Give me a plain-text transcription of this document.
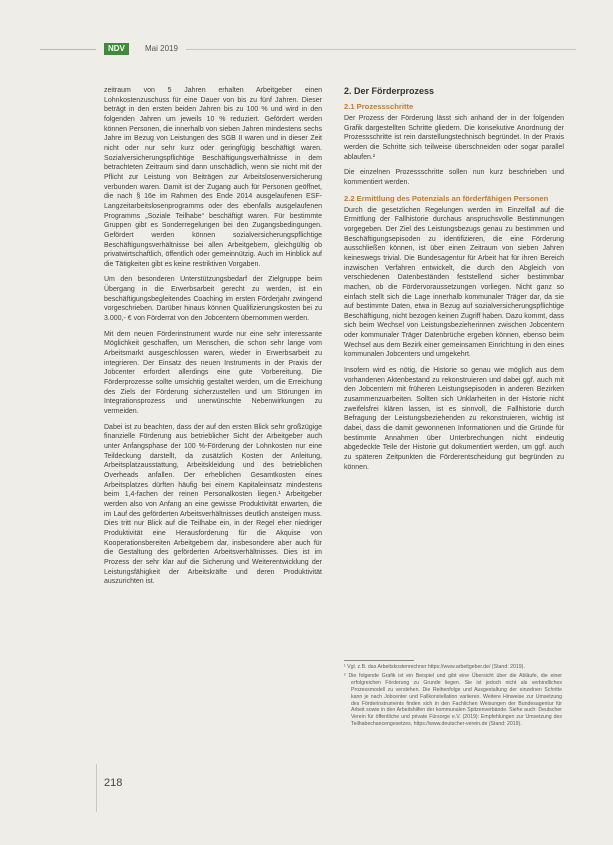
NDV	Mai 2019

zeitraum von 5 Jahren erhalten Arbeitgeber einen Lohnkostenzuschuss für eine Dauer von bis zu fünf Jahren. Dieser beträgt in den ersten beiden Jahren bis zu 100 % und wird in den folgenden Jahren um jeweils 10 % reduziert. Gefördert werden können Personen, die innerhalb von sieben Jahren mindestens sechs Jahre im Bezug von Leistungen des SGB II waren und in dieser Zeit nicht oder nur sehr kurz oder geringfügig beschäftigt waren. Sozialversicherungspflichtige Beschäftigungsverhältnisse in dem betrachteten Zeitraum sind dann unschädlich, wenn sie nicht mit der Pflicht zur Leistung von Beiträgen zur Arbeitslosenversicherung verbunden waren. Damit ist der Zugang auch für Personen geöffnet, die nach § 16e im Rahmen des Ende 2014 ausgelaufenen ESF-Langzeitarbeitslosenprogramms oder des ebenfalls ausgelaufenen Programms „Soziale Teilhabe“ beschäftigt waren. Für bestimmte Gruppen gibt es Sonderregelungen bei den Zugangsbedingungen. Gefördert werden können sozialversicherungspflichtige Beschäftigungsverhältnisse bei allen Arbeitgebern, gleichgültig ob privatwirtschaftlich, öffentlich oder gemeinnützig. Auch im Hinblick auf die Tätigkeiten gibt es keine restriktiven Vorgaben.

Um den besonderen Unterstützungsbedarf der Zielgruppe beim Übergang in die Erwerbsarbeit gerecht zu werden, ist ein beschäftigungsbegleitendes Coaching im ersten Förderjahr zwingend vorgeschrieben. Darüber hinaus können Qualifizierungskosten bei zu 3.000,- € von Förderrat von den Jobcentern übernommen werden.

Mit dem neuen Förderinstrument wurde nur eine sehr interessante Möglichkeit geschaffen, um Menschen, die schon sehr lange vom Arbeitsmarkt ausgeschlossen waren, wieder in Erwerbsarbeit zu integrieren. Der Einsatz des neuen Instruments in der Praxis der Jobcenter erfordert allerdings eine gute Vorbereitung. Die Förderprozesse sollte umsichtig gestaltet werden, um die Erreichung des Ziels der Förderung sicherzustellen und um Störungen im Integrationsprozess und unerwünschte Nebenwirkungen zu vermeiden.

Dabei ist zu beachten, dass der auf den ersten Blick sehr großzügige finanzielle Förderung aus betrieblicher Sicht der Arbeitgeber auch unter Anfangsphase der 100 %-Förderung der Lohnkosten nur eine Teildeckung darstellt, da zusätzlich Kosten der Anleitung, Arbeitsplatzausstattung, Arbeitskleidung und des betrieblichen Overheads anfallen. Der erheblichen Gesamtkosten eines Arbeitsplatzes dürften häufig bei einem Kapitaleinsatz mindestens beim 1,4-fachen der reinen Personalkosten liegen.¹ Arbeitgeber werden also von Anfang an eine gewisse Produktivität erwarten, die im Lauf des geförderten Arbeitsverhältnisses deutlich ansteigen muss. Dies tritt nur Blick auf die Teilhabe ein, in der Regel eher niedriger Produktivität eine Herausforderung für die Akquise von Kooperationsbereiten Arbeitgebern dar, insbesondere aber auch für die Gestaltung des geförderten Arbeitsverhältnisses. Dies ist im Prozess der sehr klar auf die Sicherung und Weiterentwicklung der Leistungsfähigkeit der Arbeitskräfte und deren Produktivität auszurichten ist.

2. Der Förderprozess
2.1 Prozessschritte

Der Prozess der Förderung lässt sich anhand der in der folgenden Grafik dargestellten Schritte gliedern. Die konsekutive Anordnung der Prozessschritte ist rein darstellungstechnisch begründet. In der Praxis werden die Schritte sich teilweise überschneiden oder sogar parallel ablaufen.²

Die einzelnen Prozessschritte sollen nun kurz beschrieben und kommentiert werden.

2.2 Ermittlung des Potenzials an förderfähigen Personen

Durch die gesetzlichen Regelungen werden im Einzelfall auf die Ermittlung der Fallhistorie durchaus anspruchsvolle Bestimmungen vorgegeben. Der Ziel des Leistungsbezugs genau zu bestimmen und Beschäftigungsepisoden zu identifizieren, die eine Förderung ausschließen können, ist über einen Zeitraum von sieben Jahren keineswegs trivial. Die Bundesagentur für Arbeit hat für ihren Bereich inzwischen Verfahren entwickelt, die durch den Abgleich von verschiedenen Datenbeständen feststellend sicher bestimmbar machen, ob die Fördervoraussetzungen vorliegen. Nicht ganz so einfach stellt sich die Lage innerhalb kommunaler Träger dar, da sie auf bestimmte Daten, etwa in Bezug auf sozialversicherungspflichtige Beschäftigung, nicht bezogen keinen Zugriff haben. Dazu kommt, dass sich beim Wechsel von Leistungsbezieherinnen zwischen Jobcentern oder kommunaler Träger Datenbrüche ergeben können, ebenso beim Wechsel aus dem Bezirk einer gemeinsamen Einrichtung in den eines kommunalen Jobcenters und umgekehrt.

Insofern wird es nötig, die Historie so genau wie möglich aus dem vorhandenen Aktenbestand zu rekonstruieren und dabei ggf. auch mit den Jobcentern mit früheren Leistungsepisoden in anderen Bezirken zusammenzuarbeiten. Sollten sich Unklarheiten in der Historie nicht zweifelsfrei klären lassen, ist es sinnvoll, die Fallhistorie durch Befragung der Leistungsbeziehenden zu rekonstruieren, wichtig ist dabei, dass die damit gewonnenen Informationen und die Gründe für bestimmte Annahmen über Unterbrechungen nicht eindeutig abgedeckte Teile der Historie gut dokumentiert werden, um ggf. auch zu späteren Zeitpunkten die Förderentscheidung gut begründen zu können.

¹ Vgl. z.B. das Arbeitskostenrechner https://www.arbeitgeber.de/ (Stand: 2019).
² Die folgende Grafik ist ein Beispiel und gibt eine Übersicht über die Abläufe, die einer erfolgreichen Förderung zu Grunde liegen. Sie ist jedoch nicht als verbindliches Prozessmodell zu verstehen. Die Reihenfolge und Ausgestaltung der einzelnen Schritte kann je nach Jobcenter und Fallkonstellation variieren. Weitere Hinweise zur Umsetzung des Förderinstruments finden sich in den Fachlichen Weisungen der Bundesagentur für Arbeit sowie in den Arbeitshilfen der kommunalen Spitzenverbände. Siehe auch: Deutscher Verein für öffentliche und private Fürsorge e.V. (2019): Empfehlungen zur Umsetzung des Teilhabechancengesetzes, https://www.deutscher-verein.de (Stand: 2019).
218
